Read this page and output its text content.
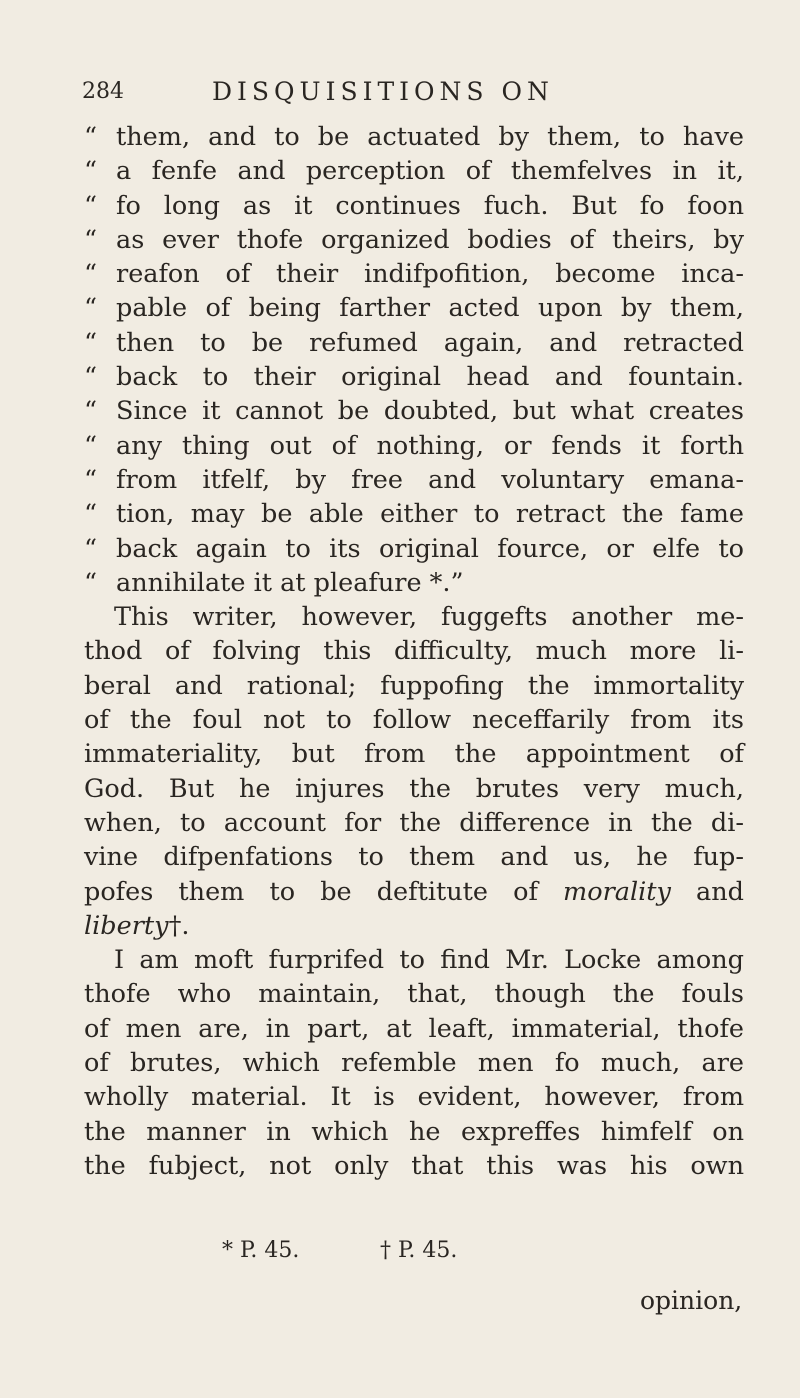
284	DISQUISITIONS ON
“ them, and to be actuated by them, to have
“ a fenfe and perception of themfelves in it,
“ fo long as it continues fuch. But fo foon
“ as ever thofe organized bodies of theirs, by
“ reafon of their indifpofition, become inca-
“ pable of being farther acted upon by them,
“ then to be refumed again, and retracted
“ back to their original head and fountain.
“ Since it cannot be doubted, but what creates
“ any thing out of nothing, or fends it forth
“ from itfelf, by free and voluntary emana-
“ tion, may be able either to retract the fame
“ back again to its original fource, or elfe to
“ annihilate it at pleafure *.”
This writer, however, fuggefts another me-
thod of folving this difficulty, much more li-
beral and rational; fuppofing the immortality
of the foul not to follow neceffarily from its
immateriality, but from the appointment of
God. But he injures the brutes very much,
when, to account for the difference in the di-
vine difpenfations to them and us, he fup-
pofes them to be deftitute of morality and
liberty†.
I am moft furprifed to find Mr. Locke among
thofe who maintain, that, though the fouls
of men are, in part, at leaft, immaterial, thofe
of brutes, which refemble men fo much, are
wholly material. It is evident, however, from
the manner in which he expreffes himfelf on
the fubject, not only that this was his own
* P. 45.	† P. 45.
opinion,
